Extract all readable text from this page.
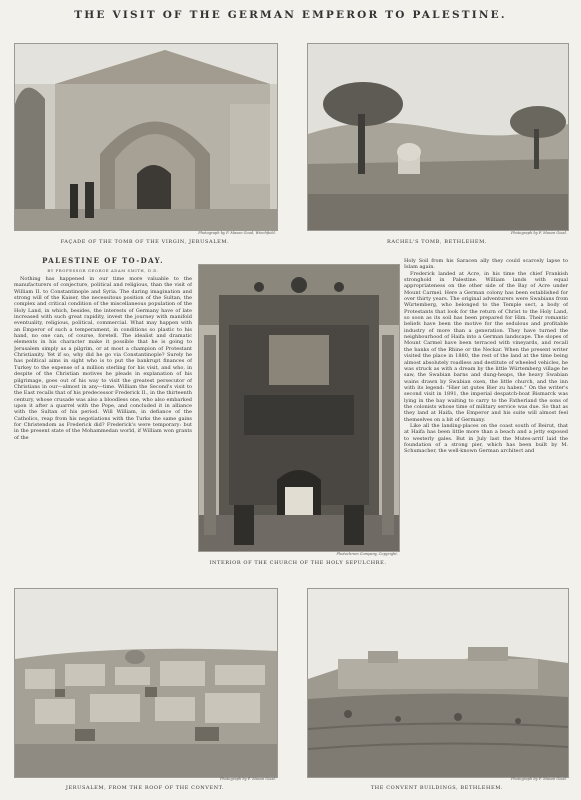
THE VISIT OF THE GERMAN EMPEROR TO PALESTINE.
Photograph by F. Mason Good, Winchfield.
FAÇADE OF THE TOMB OF THE VIRGIN, JERUSALEM.
Photograph by F. Mason Good.
RACHEL'S TOMB, BETHLEHEM.
PALESTINE OF TO-DAY.
BY PROFESSOR GEORGE ADAM SMITH, D.D.

Nothing has happened in our time more valuable to the manufacturers of conjecture, political and religious, than the visit of William II. to Constantinople and Syria. The daring imagination and strong will of the Kaiser, the necessitous position of the Sultan, the complex and critical condition of the miscellaneous population of the Holy Land, in which, besides, the interests of Germany have of late increased with such great rapidity, invest the journey with manifold eventuality, religious, political, commercial. What may happen with an Emperor of such a temperament, in conditions so plastic to his hand, no one can, of course, foretell. The idealist and dramatic elements in his character make it possible that he is going to Jerusalem simply as a pilgrim, or at most a champion of Protestant Christianity. Yet if so, why did he go via Constantinople? Surely he has political aims in sight who is to put the bankrupt finances of Turkey to the expense of a million sterling for his visit, and who, in despite of the Christian motives he pleads in explanation of his pilgrimage, goes out of his way to visit the greatest persecutor of Christians in our—almost in any—time. William the Second's visit to the East recalls that of his predecessor Frederick II., in the thirteenth century, whose crusade was also a bloodless one, who also embarked upon it after a quarrel with the Pope, and concluded it in alliance with the Sultan of his period. Will William, in defiance of the Catholics, reap from his negotiations with the Turks the same gains for Christendom as Frederick did? Frederick's were temporary: but in the present state of the Mohammedan world, if William won grants of the

Photochrom Company, Copyright.
INTERIOR OF THE CHURCH OF THE HOLY SEPULCHRE.

Holy Soil from his Saracen ally they could scarcely lapse to Islam again.

Frederick landed at Acre, in his time the chief Frankish stronghold in Palestine. William lands with equal appropriateness on the other side of the Bay of Acre under Mount Carmel. Here a German colony has been established for over thirty years. The original adventurers were Swabians from Würtemberg, who belonged to the Temple sect, a body of Protestants that look for the return of Christ to the Holy Land, so soon as its soil has been prepared for Him. Their romantic beliefs have been the motive for the sedulous and profitable industry of more than a generation. They have turned the neighbourhood of Haifa into a German landscape. The slopes of Mount Carmel have been terraced with vineyards, and recall the banks of the Rhine or the Neckar. When the present writer visited the place in 1880, the rest of the land at the time being almost absolutely roadless and destitute of wheeled vehicles, he was struck as with a dream by the little Würtemberg village he saw, the Swabian barns and dung-heaps, the heavy Swabian wains drawn by Swabian oxen, the little church, and the inn with its legend: "Hier ist gutes Bier zu haben." On the writer's second visit in 1891, the imperial despatch-boat Bismarck was lying in the bay waiting to carry to the Fatherland the sons of the colonists whose time of military service was due. So that as they land at Haifa, the Emperor and his suite will almost feel themselves on a bit of Germany.

Like all the landing-places on the coast south of Beirut, that at Haifa has been little more than a beach and a jetty exposed to westerly gales. But in July last the Mutes-arrif laid the foundation of a strong pier, which has been built by M. Schumacher, the well-known German architect and

Photograph by F. Mason Good.
JERUSALEM, FROM THE ROOF OF THE CONVENT.
Photograph by F. Mason Good.
THE CONVENT BUILDINGS, BETHLEHEM.
